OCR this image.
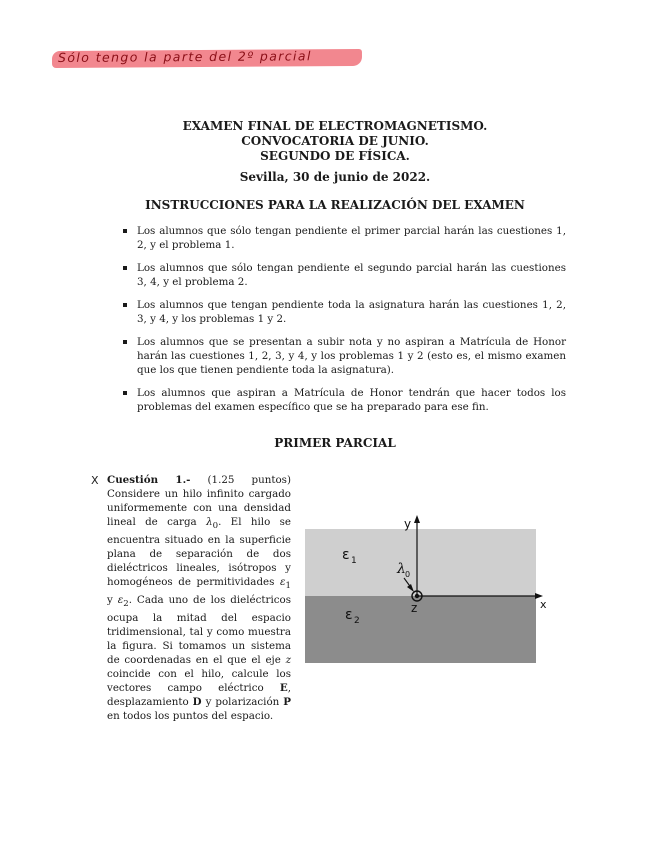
Sólo tengo la parte del 2º parcial
EXAMEN FINAL DE ELECTROMAGNETISMO.
CONVOCATORIA DE JUNIO.
SEGUNDO DE FÍSICA.
Sevilla, 30 de junio de 2022.
INSTRUCCIONES PARA LA REALIZACIÓN DEL EXAMEN
Los alumnos que sólo tengan pendiente el primer parcial harán las cuestiones 1, 2, y el problema 1.
Los alumnos que sólo tengan pendiente el segundo parcial harán las cuestiones 3, 4, y el problema 2.
Los alumnos que tengan pendiente toda la asignatura harán las cuestiones 1, 2, 3, y 4, y los problemas 1 y 2.
Los alumnos que se presentan a subir nota y no aspiran a Matrícula de Honor harán las cuestiones 1, 2, 3, y 4, y los problemas 1 y 2 (esto es, el mismo examen que los que tienen pendiente toda la asignatura).
Los alumnos que aspiran a Matrícula de Honor tendrán que hacer todos los problemas del examen específico que se ha preparado para ese fin.
PRIMER PARCIAL
X Cuestión 1.- (1.25 puntos) Considere un hilo infinito cargado uniformemente con una densidad lineal de carga $\lambda_0$. El hilo se encuentra situado en la superficie plana de separación de dos dieléctricos lineales, isótropos y homogéneos de permitividades $\varepsilon_1$ y $\varepsilon_2$. Cada uno de los dieléctricos ocupa la mitad del espacio tridimensional, tal y como muestra la figura. Si tomamos un sistema de coordenadas en el que el eje z coincide con el hilo, calcule los vectores campo eléctrico E, desplazamiento D y polarización P en todos los puntos del espacio.
y
x
z
ε 1
ε 2
λ 0
